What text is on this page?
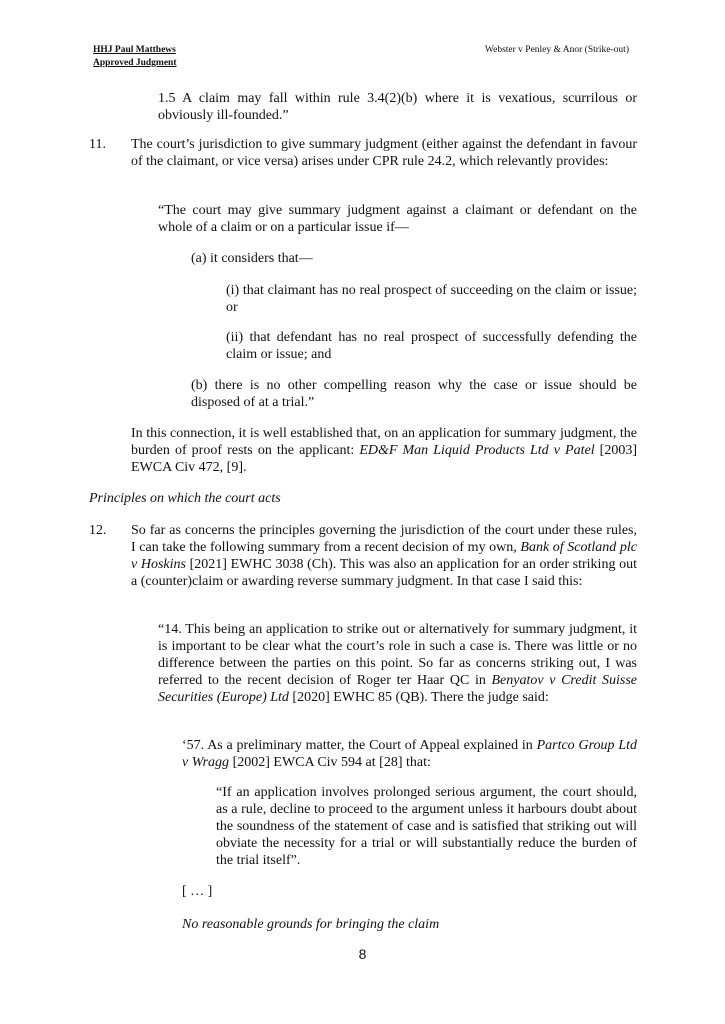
HHJ Paul Matthews
Approved Judgment
Webster v Penley & Anor (Strike-out)
1.5 A claim may fall within rule 3.4(2)(b) where it is vexatious, scurrilous or obviously ill-founded.”
11. The court’s jurisdiction to give summary judgment (either against the defendant in favour of the claimant, or vice versa) arises under CPR rule 24.2, which relevantly provides:
“The court may give summary judgment against a claimant or defendant on the whole of a claim or on a particular issue if—
(a) it considers that—
(i) that claimant has no real prospect of succeeding on the claim or issue; or
(ii) that defendant has no real prospect of successfully defending the claim or issue; and
(b) there is no other compelling reason why the case or issue should be disposed of at a trial.”
In this connection, it is well established that, on an application for summary judgment, the burden of proof rests on the applicant: ED&F Man Liquid Products Ltd v Patel [2003] EWCA Civ 472, [9].
Principles on which the court acts
12. So far as concerns the principles governing the jurisdiction of the court under these rules, I can take the following summary from a recent decision of my own, Bank of Scotland plc v Hoskins [2021] EWHC 3038 (Ch). This was also an application for an order striking out a (counter)claim or awarding reverse summary judgment. In that case I said this:
“14. This being an application to strike out or alternatively for summary judgment, it is important to be clear what the court’s role in such a case is. There was little or no difference between the parties on this point. So far as concerns striking out, I was referred to the recent decision of Roger ter Haar QC in Benyatov v Credit Suisse Securities (Europe) Ltd [2020] EWHC 85 (QB). There the judge said:
‘57. As a preliminary matter, the Court of Appeal explained in Partco Group Ltd v Wragg [2002] EWCA Civ 594 at [28] that:
“If an application involves prolonged serious argument, the court should, as a rule, decline to proceed to the argument unless it harbours doubt about the soundness of the statement of case and is satisfied that striking out will obviate the necessity for a trial or will substantially reduce the burden of the trial itself”.
[ … ]
No reasonable grounds for bringing the claim
8
